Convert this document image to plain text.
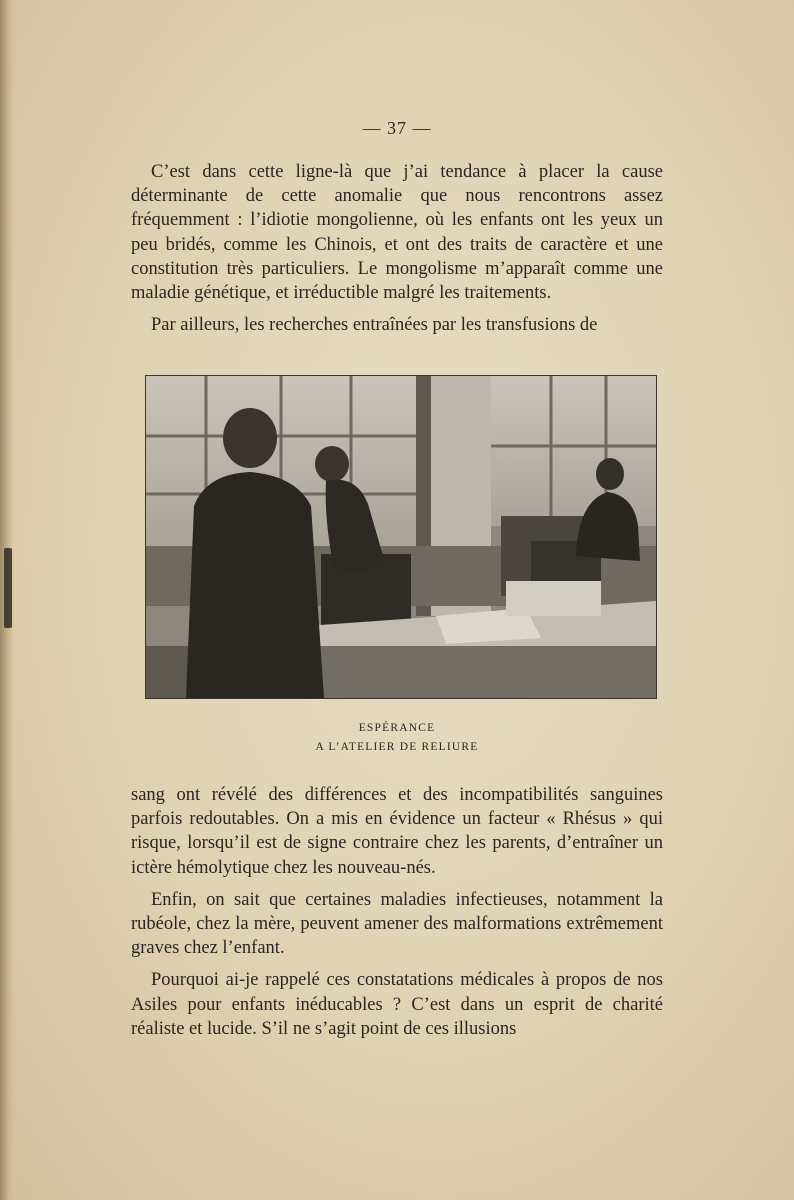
— 37 —

C’est dans cette ligne-là que j’ai tendance à placer la cause déterminante de cette anomalie que nous rencontrons assez fréquemment : l’idiotie mongolienne, où les enfants ont les yeux un peu bridés, comme les Chinois, et ont des traits de caractère et une constitution très particuliers. Le mongolisme m’apparaît comme une maladie génétique, et irréductible malgré les traitements.

Par ailleurs, les recherches entraînées par les transfusions de

ESPÉRANCE
A L’ATELIER DE RELIURE

sang ont révélé des différences et des incompatibilités sanguines parfois redoutables. On a mis en évidence un facteur « Rhésus » qui risque, lorsqu’il est de signe contraire chez les parents, d’entraîner un ictère hémolytique chez les nouveau-nés.

Enfin, on sait que certaines maladies infectieuses, notamment la rubéole, chez la mère, peuvent amener des malformations extrêmement graves chez l’enfant.

Pourquoi ai-je rappelé ces constatations médicales à propos de nos Asiles pour enfants inéducables ? C’est dans un esprit de charité réaliste et lucide. S’il ne s’agit point de ces illusions
